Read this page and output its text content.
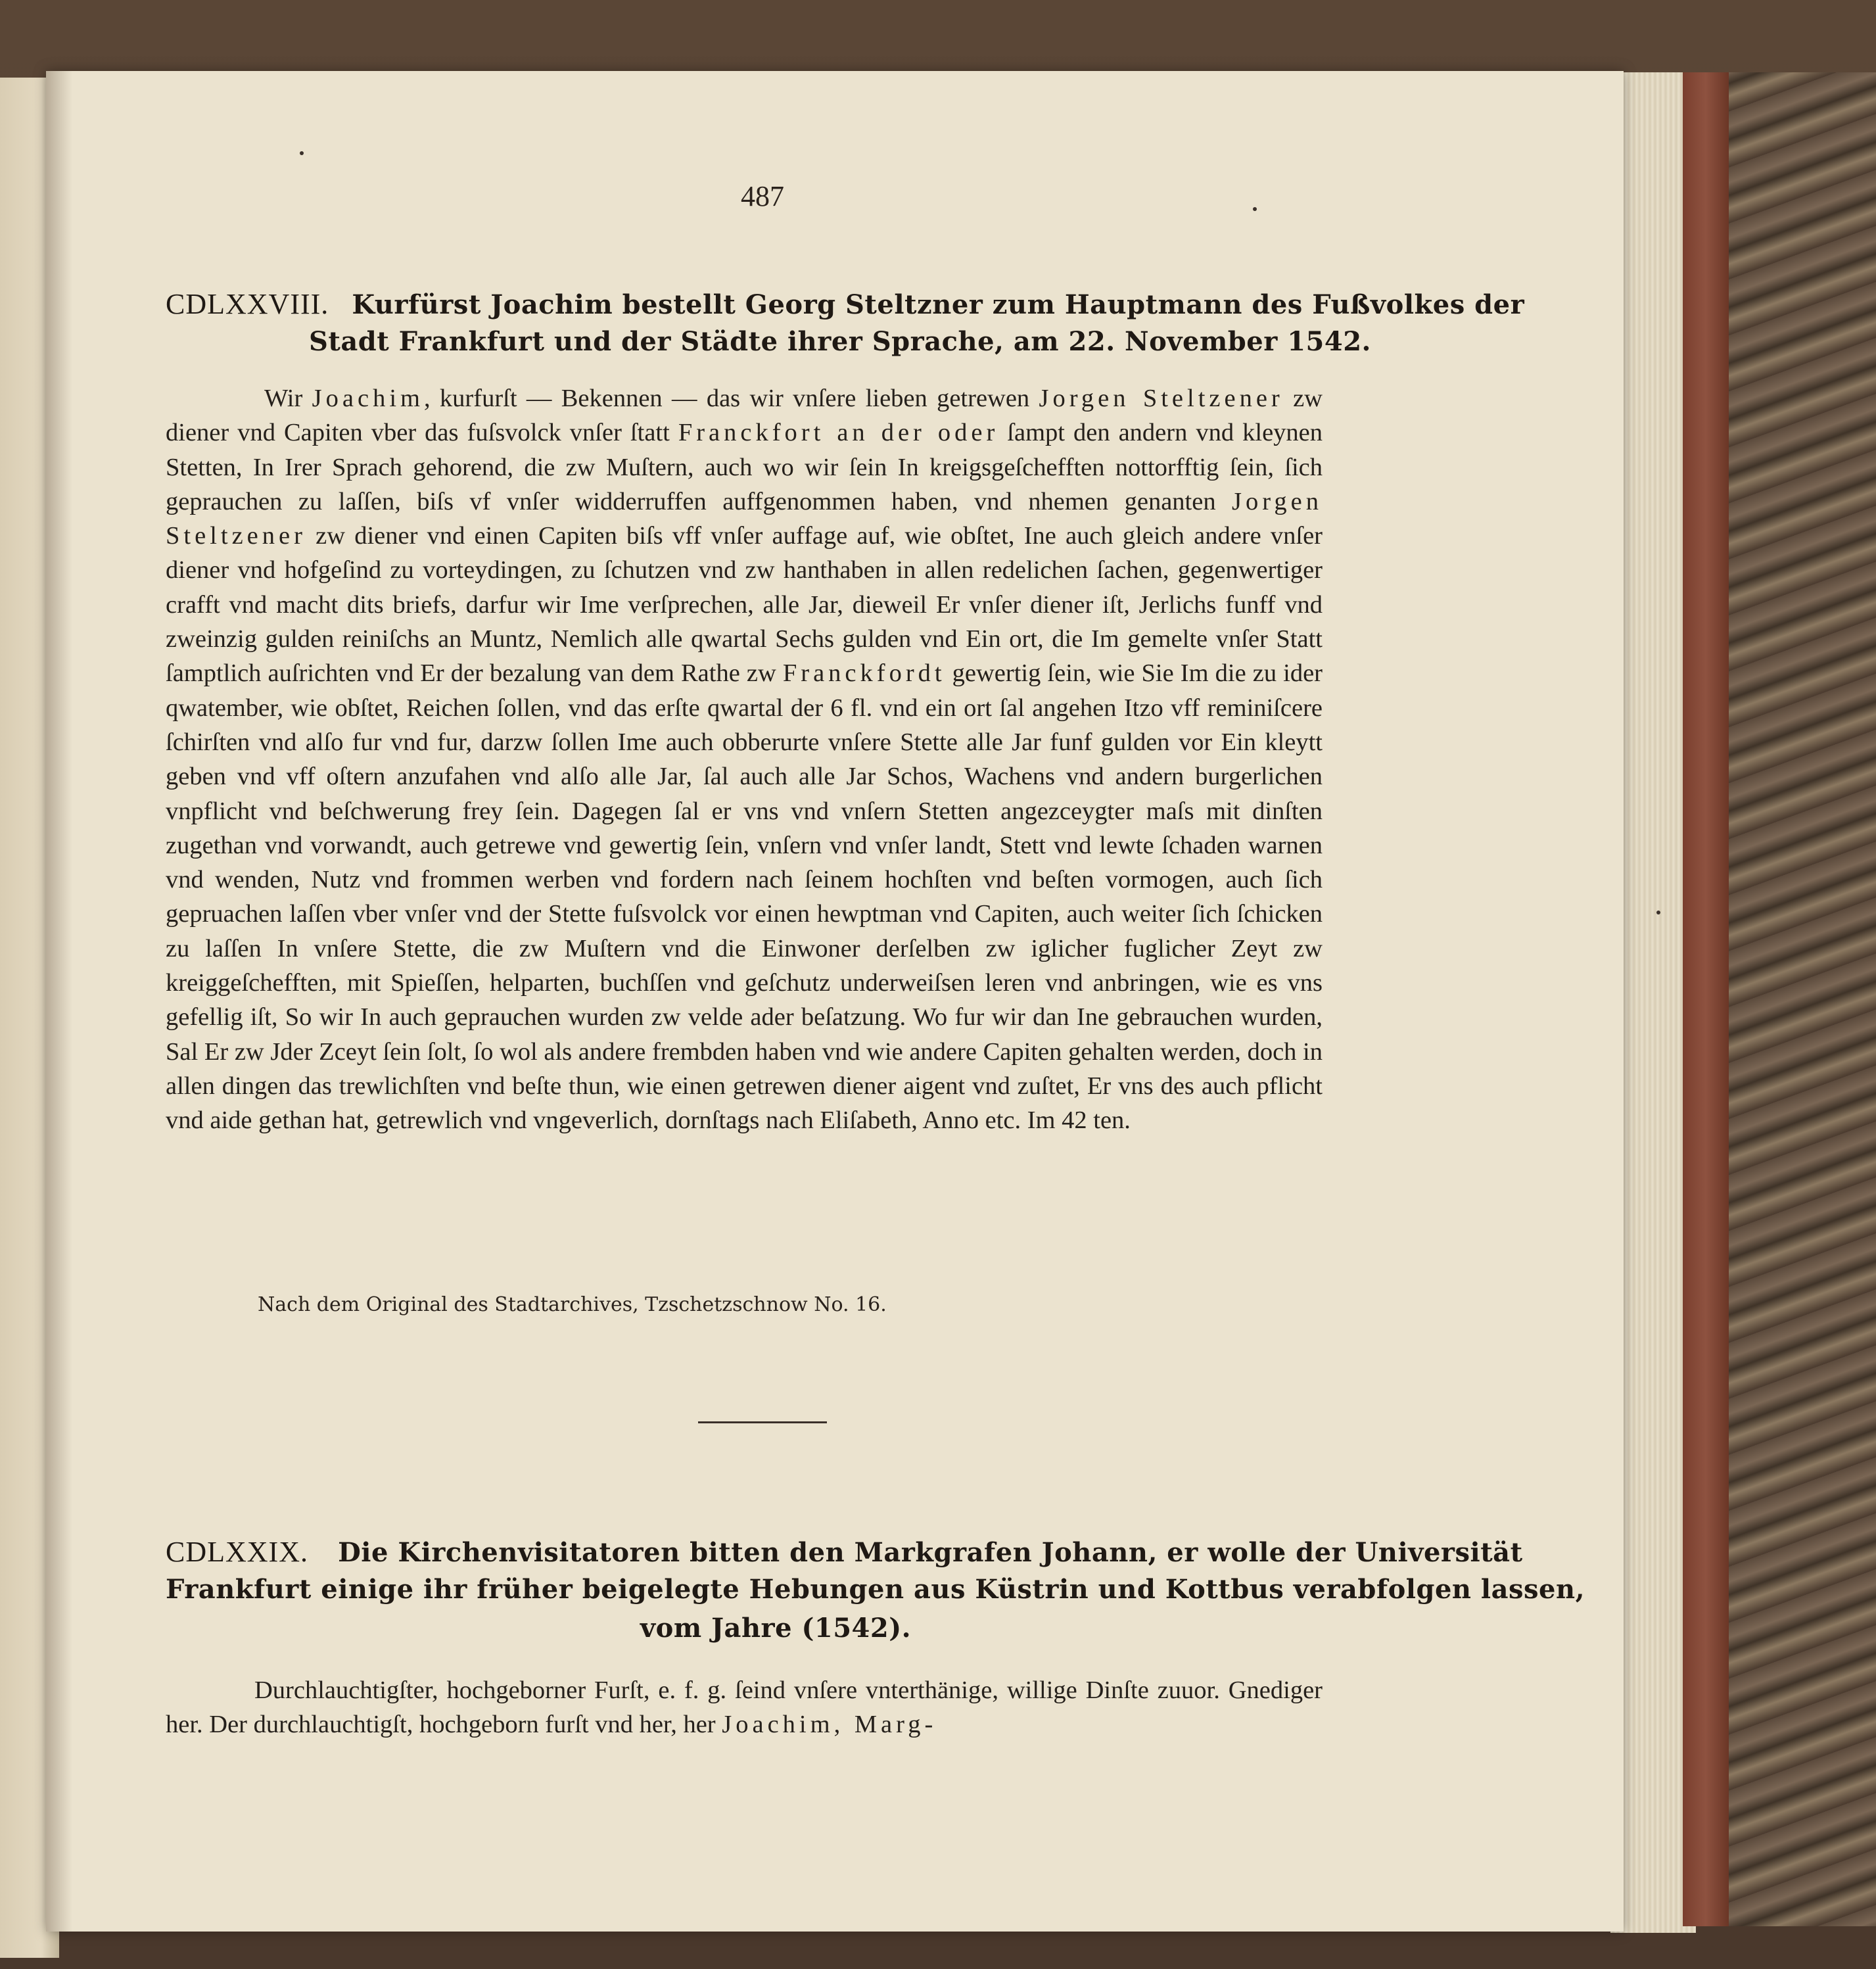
487
CDLXXVIII. Kurfürst Joachim bestellt Georg Steltzner zum Hauptmann des Fußvolkes der
Stadt Frankfurt und der Städte ihrer Sprache, am 22. November 1542.

Wir Joachim, kurfurſt — Bekennen — das wir vnſere lieben getrewen Jorgen Steltzener zw diener vnd Capiten vber das fuſsvolck vnſer ſtatt Franckfort an der oder ſampt den andern vnd kleynen Stetten, In Irer Sprach gehorend, die zw Muſtern, auch wo wir ſein In kreigsgeſchefften nottorfftig ſein, ſich geprauchen zu laſſen, biſs vf vnſer widderruffen auffgenommen haben, vnd nhemen genanten Jorgen Steltzener zw diener vnd einen Capiten biſs vff vnſer auffage auf, wie obſtet, Ine auch gleich andere vnſer diener vnd hofgeſind zu vorteydingen, zu ſchutzen vnd zw hanthaben in allen redelichen ſachen, gegenwertiger crafft vnd macht dits briefs, darfur wir Ime verſprechen, alle Jar, dieweil Er vnſer diener iſt, Jerlichs funff vnd zweinzig gulden reiniſchs an Muntz, Nemlich alle qwartal Sechs gulden vnd Ein ort, die Im gemelte vnſer Statt ſamptlich auſrichten vnd Er der bezalung van dem Rathe zw Franckfordt gewertig ſein, wie Sie Im die zu ider qwatember, wie obſtet, Reichen ſollen, vnd das erſte qwartal der 6 fl. vnd ein ort ſal angehen Itzo vff reminiſcere ſchirſten vnd alſo fur vnd fur, darzw ſollen Ime auch obberurte vnſere Stette alle Jar funf gulden vor Ein kleytt geben vnd vff oſtern anzufahen vnd alſo alle Jar, ſal auch alle Jar Schos, Wachens vnd andern burgerlichen vnpflicht vnd beſchwerung frey ſein. Dagegen ſal er vns vnd vnſern Stetten angezceygter maſs mit dinſten zugethan vnd vorwandt, auch getrewe vnd gewertig ſein, vnſern vnd vnſer landt, Stett vnd lewte ſchaden warnen vnd wenden, Nutz vnd frommen werben vnd fordern nach ſeinem hochſten vnd beſten vormogen, auch ſich gepruachen laſſen vber vnſer vnd der Stette fuſsvolck vor einen hewptman vnd Capiten, auch weiter ſich ſchicken zu laſſen In vnſere Stette, die zw Muſtern vnd die Einwoner derſelben zw iglicher fuglicher Zeyt zw kreiggeſchefften, mit Spieſſen, helparten, buchſſen vnd geſchutz underweiſsen leren vnd anbringen, wie es vns gefellig iſt, So wir In auch geprauchen wurden zw velde ader beſatzung. Wo fur wir dan Ine gebrauchen wurden, Sal Er zw Jder Zceyt ſein ſolt, ſo wol als andere frembden haben vnd wie andere Capiten gehalten werden, doch in allen dingen das trewlichſten vnd beſte thun, wie einen getrewen diener aigent vnd zuſtet, Er vns des auch pflicht vnd aide gethan hat, getrewlich vnd vngeverlich, dornſtags nach Eliſabeth, Anno etc. Im 42 ten.

Nach dem Original des Stadtarchives, Tzschetzschnow No. 16.
CDLXXIX. Die Kirchenvisitatoren bitten den Markgrafen Johann, er wolle der Universität
Frankfurt einige ihr früher beigelegte Hebungen aus Küstrin und Kottbus verabfolgen lassen,
vom Jahre (1542).

Durchlauchtigſter, hochgeborner Furſt, e. f. g. ſeind vnſere vnterthänige, willige Dinſte zuuor. Gnediger her. Der durchlauchtigſt, hochgeborn furſt vnd her, her Joachim, Marg-
